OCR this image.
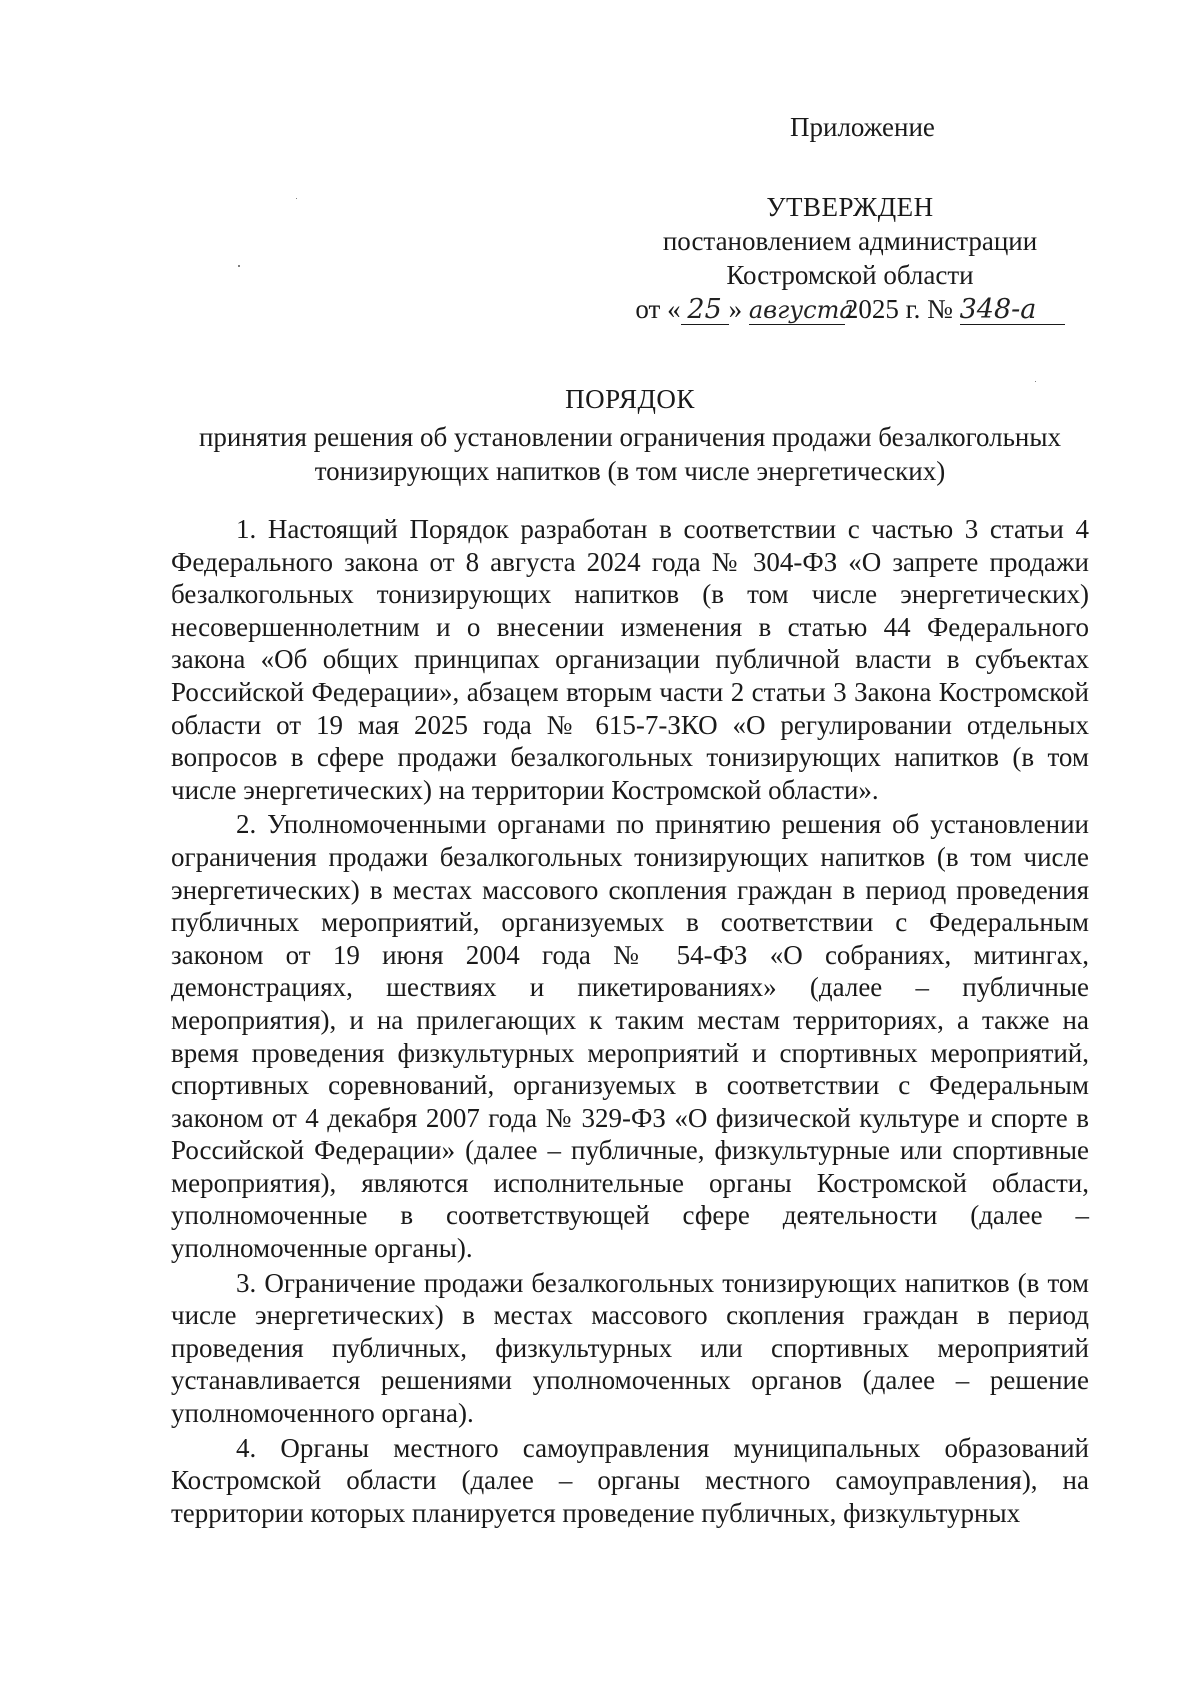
Приложение
УТВЕРЖДЕН
постановлением администрации
Костромской области
от « 25 » августа2025 г. № 348-а
ПОРЯДОК
принятия решения об установлении ограничения продажи безалкогольных
тонизирующих напитков (в том числе энергетических)

1. Настоящий Порядок разработан в соответствии с частью 3 статьи 4 Федерального закона от 8 августа 2024 года № 304-ФЗ «О запрете продажи безалкогольных тонизирующих напитков (в том числе энергетических) несовершеннолетним и о внесении изменения в статью 44 Федерального закона «Об общих принципах организации публичной власти в субъектах Российской Федерации», абзацем вторым части 2 статьи 3 Закона Костромской области от 19 мая 2025 года № 615-7-ЗКО «О регулировании отдельных вопросов в сфере продажи безалкогольных тонизирующих напитков (в том числе энергетических) на территории Костромской области».

2. Уполномоченными органами по принятию решения об установлении ограничения продажи безалкогольных тонизирующих напитков (в том числе энергетических) в местах массового скопления граждан в период проведения публичных мероприятий, организуемых в соответствии с Федеральным законом от 19 июня 2004 года № 54-ФЗ «О собраниях, митингах, демонстрациях, шествиях и пикетированиях» (далее – публичные мероприятия), и на прилегающих к таким местам территориях, а также на время проведения физкультурных мероприятий и спортивных мероприятий, спортивных соревнований, организуемых в соответствии с Федеральным законом от 4 декабря 2007 года № 329-ФЗ «О физической культуре и спорте в Российской Федерации» (далее – публичные, физкультурные или спортивные мероприятия), являются исполнительные органы Костромской области, уполномоченные в соответствующей сфере деятельности (далее – уполномоченные органы).

3. Ограничение продажи безалкогольных тонизирующих напитков (в том числе энергетических) в местах массового скопления граждан в период проведения публичных, физкультурных или спортивных мероприятий устанавливается решениями уполномоченных органов (далее – решение уполномоченного органа).

4. Органы местного самоуправления муниципальных образований Костромской области (далее – органы местного самоуправления), на территории которых планируется проведение публичных, физкультурных
